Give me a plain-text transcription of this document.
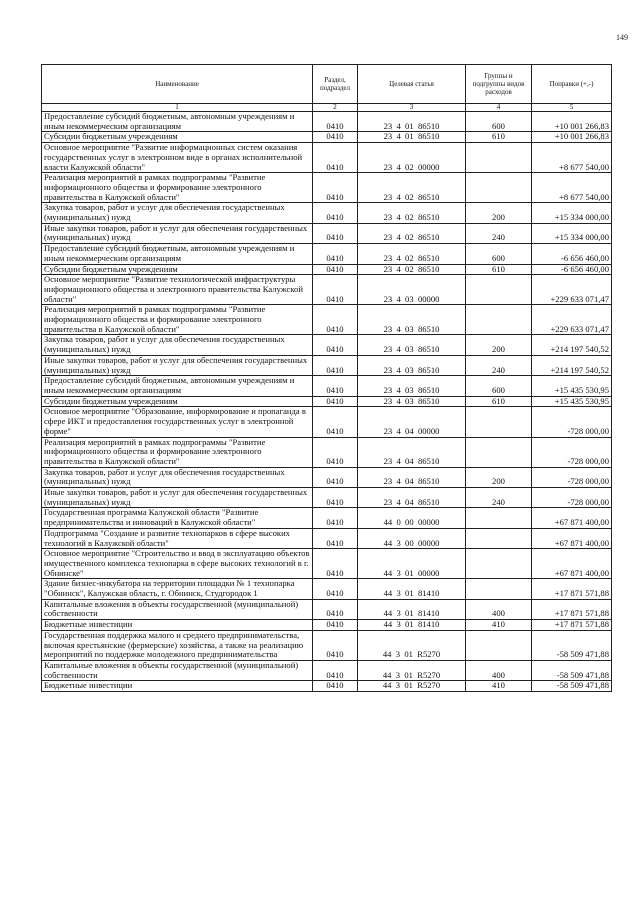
149
Наименование	Раздел, подраздел	Целевая статья	Группы и подгруппы видов расходов	Поправки (+,-)
1	2	3	4	5
Предоставление субсидий бюджетным, автономным учреждениям и иным некоммерческим организациям	0410	23  4  01  86510	600	+10 001 266,83
Субсидии бюджетным учреждениям	0410	23  4  01  86510	610	+10 001 266,83
Основное мероприятие "Развитие информационных систем оказания государственных услуг в электронном виде в органах исполнительной власти Калужской области"	0410	23  4  02  00000		+8 677 540,00
Реализация мероприятий в рамках подпрограммы "Развитие информационного общества и формирование электронного правительства в Калужской области"	0410	23  4  02  86510		+8 677 540,00
Закупка товаров, работ и услуг для обеспечения государственных (муниципальных) нужд	0410	23  4  02  86510	200	+15 334 000,00
Иные закупки товаров, работ и услуг для обеспечения государственных (муниципальных) нужд	0410	23  4  02  86510	240	+15 334 000,00
Предоставление субсидий бюджетным, автономным учреждениям и иным некоммерческим организациям	0410	23  4  02  86510	600	-6 656 460,00
Субсидии бюджетным учреждениям	0410	23  4  02  86510	610	-6 656 460,00
Основное мероприятие "Развитие технологической инфраструктуры информационного общества и электронного правительства Калужской области"	0410	23  4  03  00000		+229 633 071,47
Реализация мероприятий в рамках подпрограммы "Развитие информационного общества и формирование электронного правительства в Калужской области"	0410	23  4  03  86510		+229 633 071,47
Закупка товаров, работ и услуг для обеспечения государственных (муниципальных) нужд	0410	23  4  03  86510	200	+214 197 540,52
Иные закупки товаров, работ и услуг для обеспечения государственных (муниципальных) нужд	0410	23  4  03  86510	240	+214 197 540,52
Предоставление субсидий бюджетным, автономным учреждениям и иным некоммерческим организациям	0410	23  4  03  86510	600	+15 435 530,95
Субсидии бюджетным учреждениям	0410	23  4  03  86510	610	+15 435 530,95
Основное мероприятие "Образование, информирование и пропаганда в сфере ИКТ и предоставления государственных услуг в электронной форме"	0410	23  4  04  00000		-728 000,00
Реализация мероприятий в рамках подпрограммы "Развитие информационного общества и формирование электронного правительства в Калужской области"	0410	23  4  04  86510		-728 000,00
Закупка товаров, работ и услуг для обеспечения государственных (муниципальных) нужд	0410	23  4  04  86510	200	-728 000,00
Иные закупки товаров, работ и услуг для обеспечения государственных (муниципальных) нужд	0410	23  4  04  86510	240	-728 000,00
Государственная программа Калужской области "Развитие предпринимательства и инноваций в Калужской области"	0410	44  0  00  00000		+67 871 400,00
Подпрограмма "Создание и развитие технопарков в сфере высоких технологий в Калужской области"	0410	44  3  00  00000		+67 871 400,00
Основное мероприятие "Строительство и ввод в эксплуатацию объектов имущественного комплекса технопарка в сфере высоких технологий в г. Обнинске"	0410	44  3  01  00000		+67 871 400,00
Здание бизнес-инкубатора на территории площадки № 1 технопарка "Обнинск", Калужская область, г. Обнинск, Студгородок 1	0410	44  3  01  81410		+17 871 571,88
Капитальные вложения в объекты государственной (муниципальной) собственности	0410	44  3  01  81410	400	+17 871 571,88
Бюджетные инвестиции	0410	44  3  01  81410	410	+17 871 571,88
Государственная поддержка малого и среднего предпринимательства, включая крестьянские (фермерские) хозяйства, а также на реализацию мероприятий по поддержке молодежного предпринимательства	0410	44  3  01  R5270		-58 509 471,88
Капитальные вложения в объекты государственной (муниципальной) собственности	0410	44  3  01  R5270	400	-58 509 471,88
Бюджетные инвестиции	0410	44  3  01  R5270	410	-58 509 471,88
